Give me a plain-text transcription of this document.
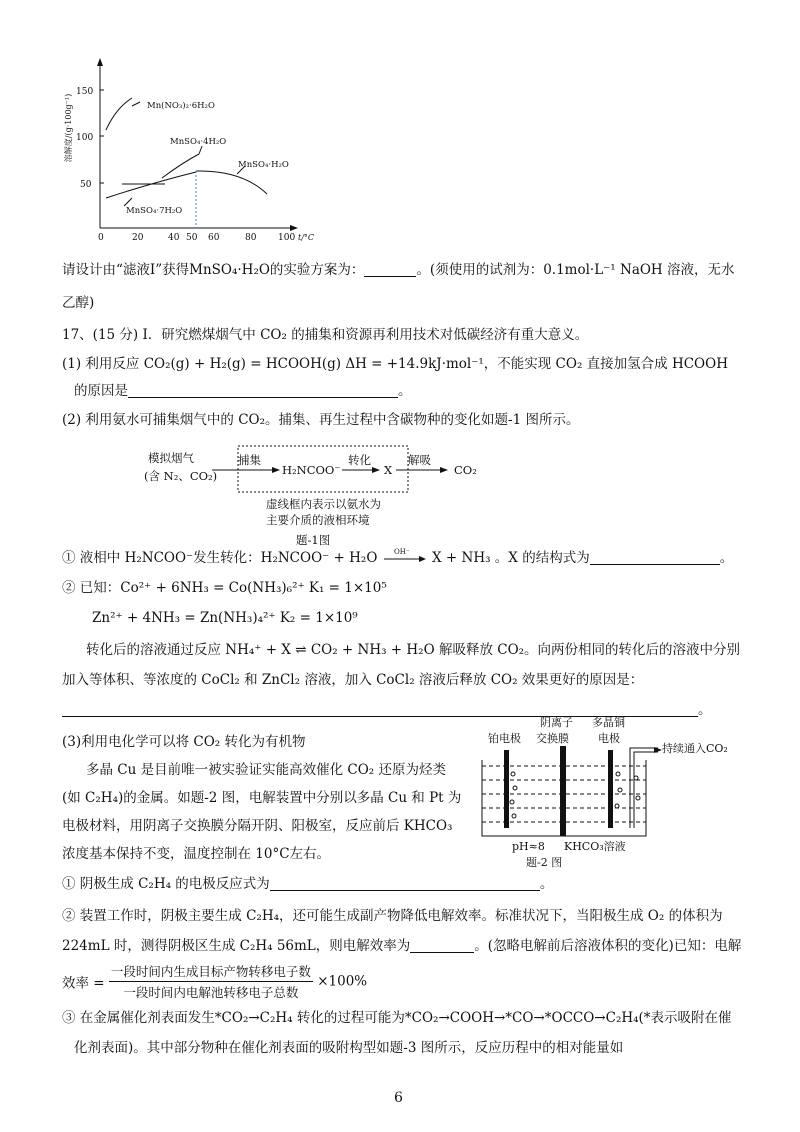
150
100
50
溶解度/(g·100g⁻¹)
0	20	40 50 60	80 100 t/°C
Mn(NO₃)₂·6H₂O
MnSO₄·4H₂O
MnSO₄·H₂O
MnSO₄·7H₂O
请设计由“滤液I”获得MnSO₄·H₂O的实验方案为：	。(须使用的试剂为：0.1mol·L⁻¹ NaOH 溶液，无水
乙醇)
17、(15 分) I．研究燃煤烟气中 CO₂ 的捕集和资源再利用技术对低碳经济有重大意义。
(1) 利用反应 CO₂(g) + H₂(g) = HCOOH(g) ΔH = +14.9kJ·mol⁻¹，不能实现 CO₂ 直接加氢合成 HCOOH
的原因是	。
(2) 利用氨水可捕集烟气中的 CO₂。捕集、再生过程中含碳物种的变化如题-1 图所示。
模拟烟气
(含 N₂、CO₂)
捕集
H₂NCOO⁻
转化
X
解吸
CO₂
虚线框内表示以氨水为
主要介质的液相环境
题-1图
① 液相中 H₂NCOO⁻发生转化：H₂NCOO⁻ + H₂O OH⁻ X + NH₃ 。X 的结构式为	。
② 已知：Co²⁺ + 6NH₃ = Co(NH₃)₆²⁺ K₁ = 1×10⁵
Zn²⁺ + 4NH₃ = Zn(NH₃)₄²⁺ K₂ = 1×10⁹
转化后的溶液通过反应 NH₄⁺ + X ⇌ CO₂ + NH₃ + H₂O 解吸释放 CO₂。向两份相同的转化后的溶液中分别
加入等体积、等浓度的 CoCl₂ 和 ZnCl₂ 溶液，加入 CoCl₂ 溶液后释放 CO₂ 效果更好的原因是：
。
(3)利用电化学可以将 CO₂ 转化为有机物
多晶 Cu 是目前唯一被实验证实能高效催化 CO₂ 还原为烃类
(如 C₂H₄)的金属。如题-2 图，电解装置中分别以多晶 Cu 和 Pt 为
电极材料，用阴离子交换膜分隔开阴、阳极室，反应前后 KHCO₃
浓度基本保持不变，温度控制在 10°C左右。
阴离子 多晶铜
铂电极 交换膜	电极
持续通入CO₂
pH≈8 KHCO₃溶液
题-2 图
① 阴极生成 C₂H₄ 的电极反应式为	。
② 装置工作时，阴极主要生成 C₂H₄，还可能生成副产物降低电解效率。标准状况下，当阳极生成 O₂ 的体积为
224mL 时，测得阴极区生成 C₂H₄ 56mL，则电解效率为	。(忽略电解前后溶液体积的变化)已知：电解
效率 = $\frac{\text{一段时间内生成目标产物转移电子数}}{\text{一段时间内电解池转移电子总数}} \times 100\%$
③ 在金属催化剂表面发生*CO₂→C₂H₄ 转化的过程可能为*CO₂→COOH→*CO→*OCCO→C₂H₄(*表示吸附在催
化剂表面)。其中部分物种在催化剂表面的吸附构型如题-3 图所示，反应历程中的相对能量如
6
